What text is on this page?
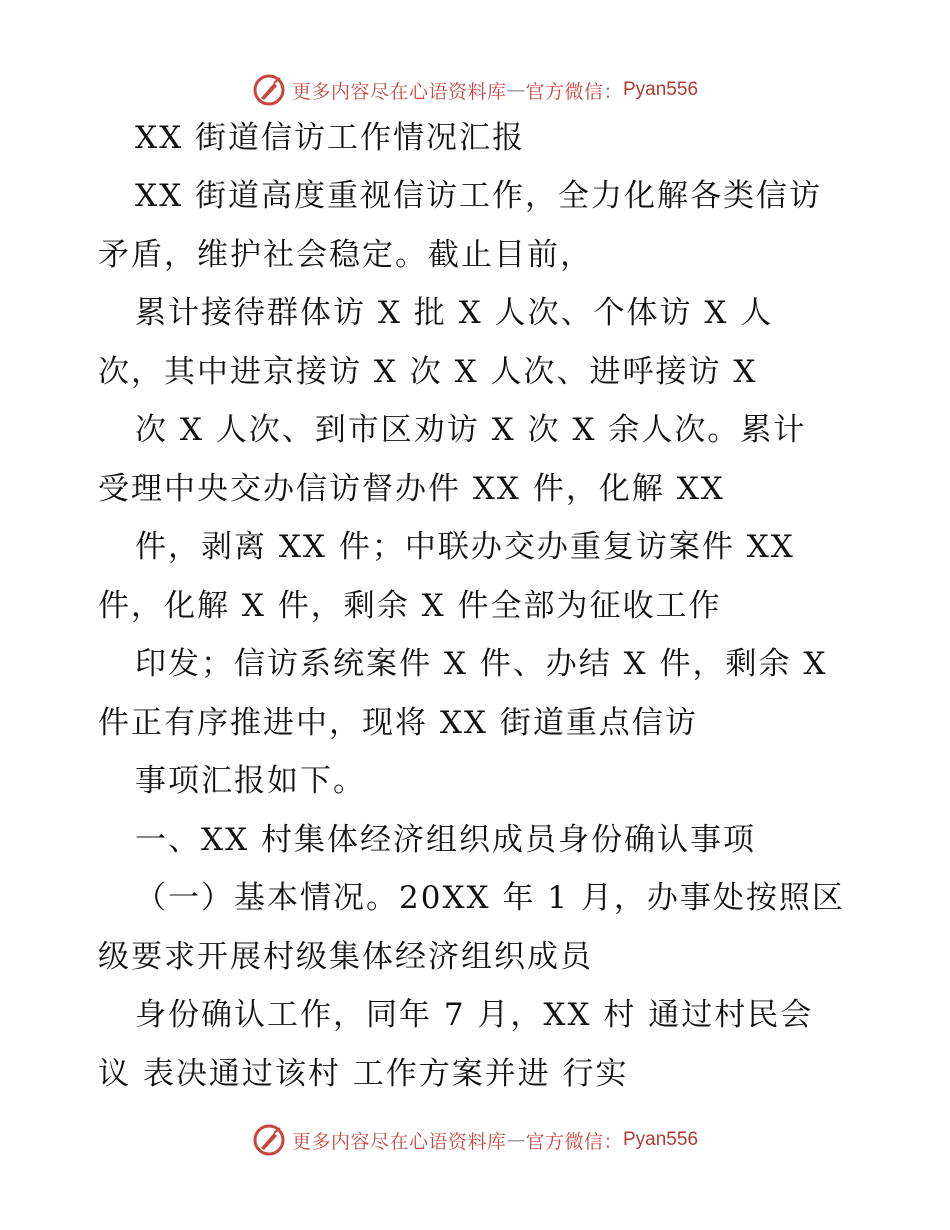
更多内容尽在心语资料库 — 官方微信： Pyan556
XX 街道信访工作情况汇报
XX 街道高度重视信访工作，全力化解各类信访
矛盾，维护社会稳定。截止目前，
累计接待群体访 X 批 X 人次、个体访 X 人
次，其中进京接访 X 次 X 人次、进呼接访 X
次 X 人次、到市区劝访 X 次 X 余人次。累计
受理中央交办信访督办件 XX 件，化解 XX
件，剥离 XX 件；中联办交办重复访案件 XX
件，化解 X 件，剩余 X 件全部为征收工作
印发；信访系统案件 X 件、办结 X 件，剩余 X
件正有序推进中，现将 XX 街道重点信访
事项汇报如下。
一、XX 村集体经济组织成员身份确认事项
（一）基本情况。20XX 年 1 月，办事处按照区
级要求开展村级集体经济组织成员
身份确认工作，同年 7 月，XX 村 通过村民会
议 表决通过该村 工作方案并进 行实
更多内容尽在心语资料库 — 官方微信： Pyan556
